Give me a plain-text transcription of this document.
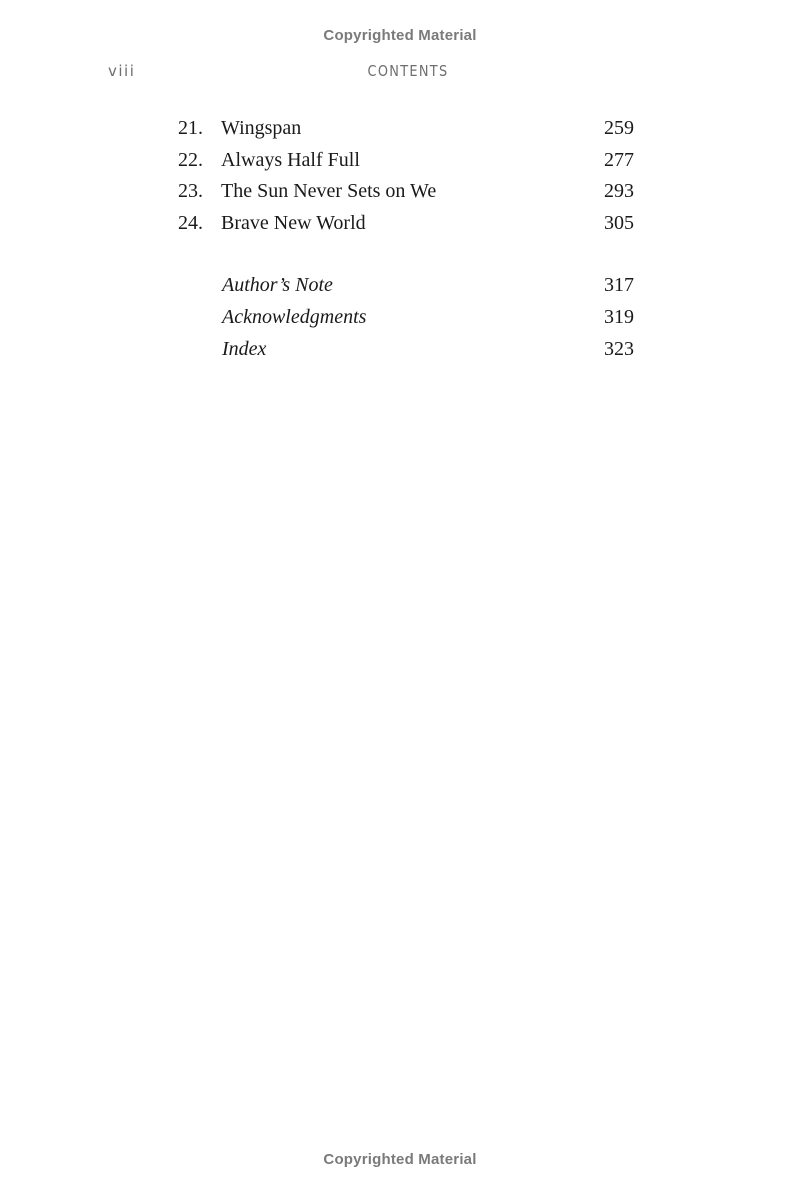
Copyrighted Material
viii	CONTENTS
21. Wingspan	259
22. Always Half Full	277
23. The Sun Never Sets on We	293
24. Brave New World	305
Author’s Note	317
Acknowledgments	319
Index	323
Copyrighted Material
